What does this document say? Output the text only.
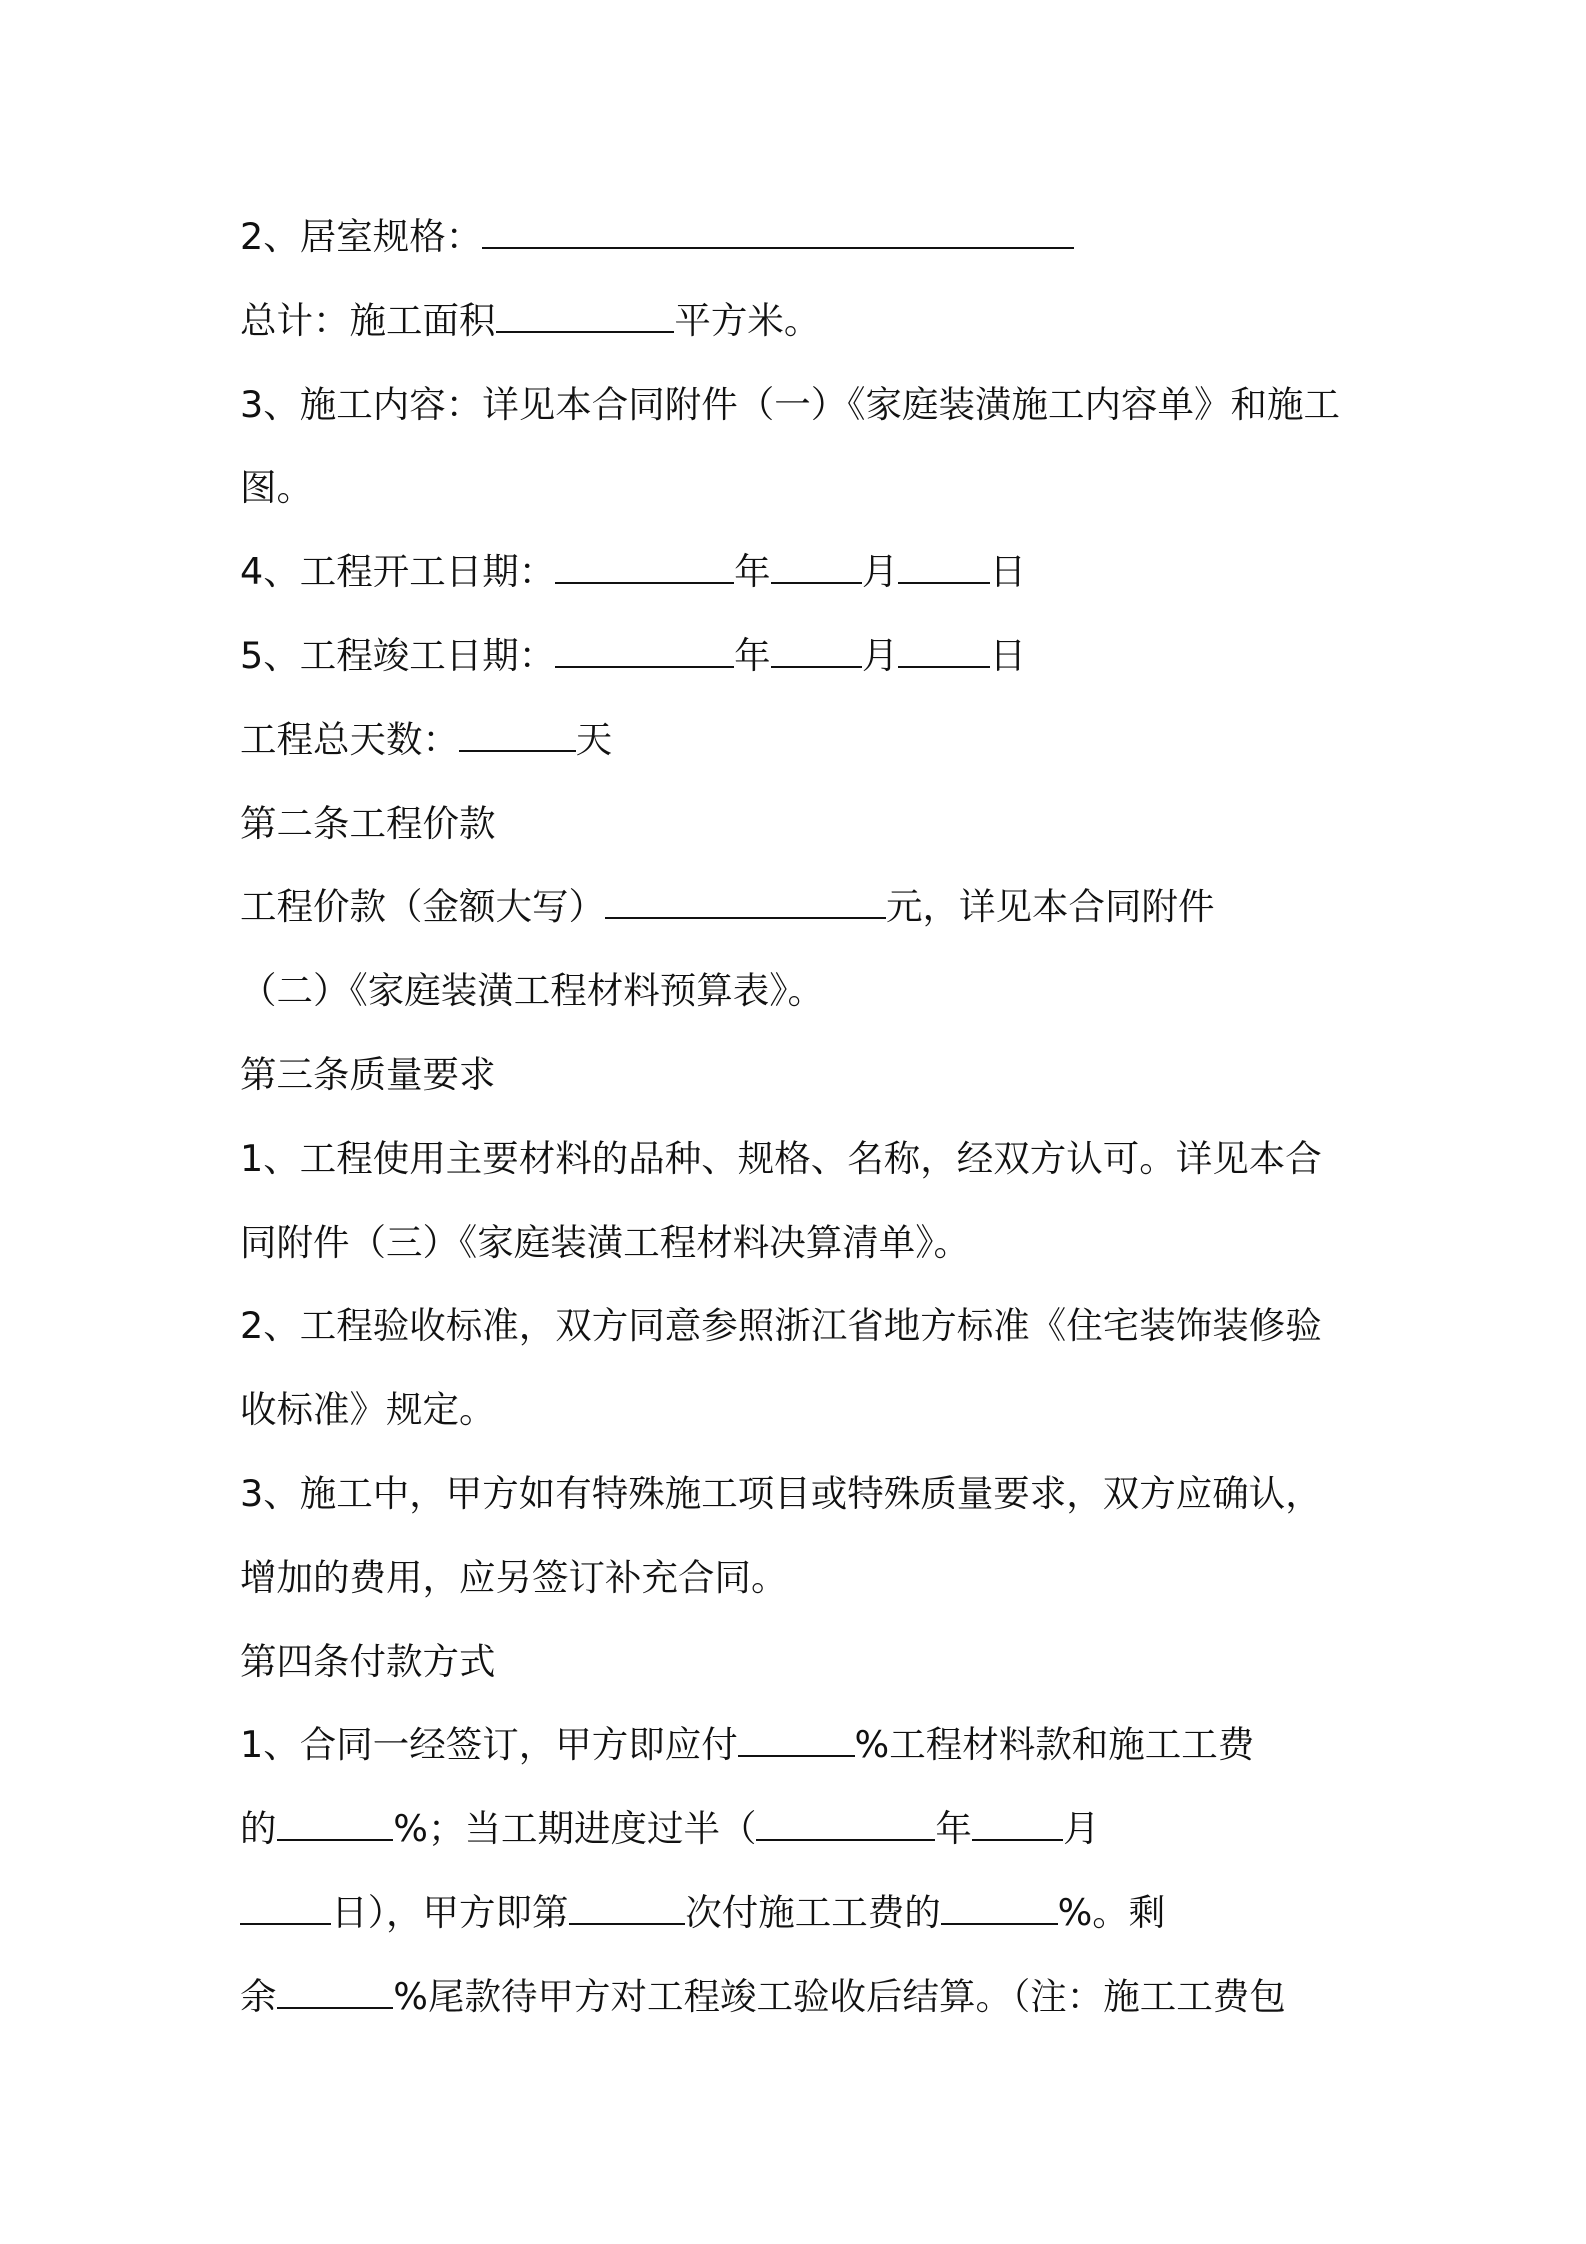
2、居室规格：
总计：施工面积	平方米。
3、施工内容：详见本合同附件（一）《家庭装潢施工内容单》和施工
图。
4、工程开工日期：	年	月	日
5、工程竣工日期：	年	月	日
工程总天数：	天
第二条工程价款
工程价款（金额大写）	元，详见本合同附件
（二）《家庭装潢工程材料预算表》。
第三条质量要求
1、工程使用主要材料的品种、规格、名称，经双方认可。详见本合
同附件（三）《家庭装潢工程材料决算清单》。
2、工程验收标准，双方同意参照浙江省地方标准《住宅装饰装修验
收标准》规定。
3、施工中，甲方如有特殊施工项目或特殊质量要求，双方应确认，
增加的费用，应另签订补充合同。
第四条付款方式
1、合同一经签订，甲方即应付	%工程材料款和施工工费
的	%；当工期进度过半（	年	月
日），甲方即第	次付施工工费的	%。剩
余	%尾款待甲方对工程竣工验收后结算。（注：施工工费包
